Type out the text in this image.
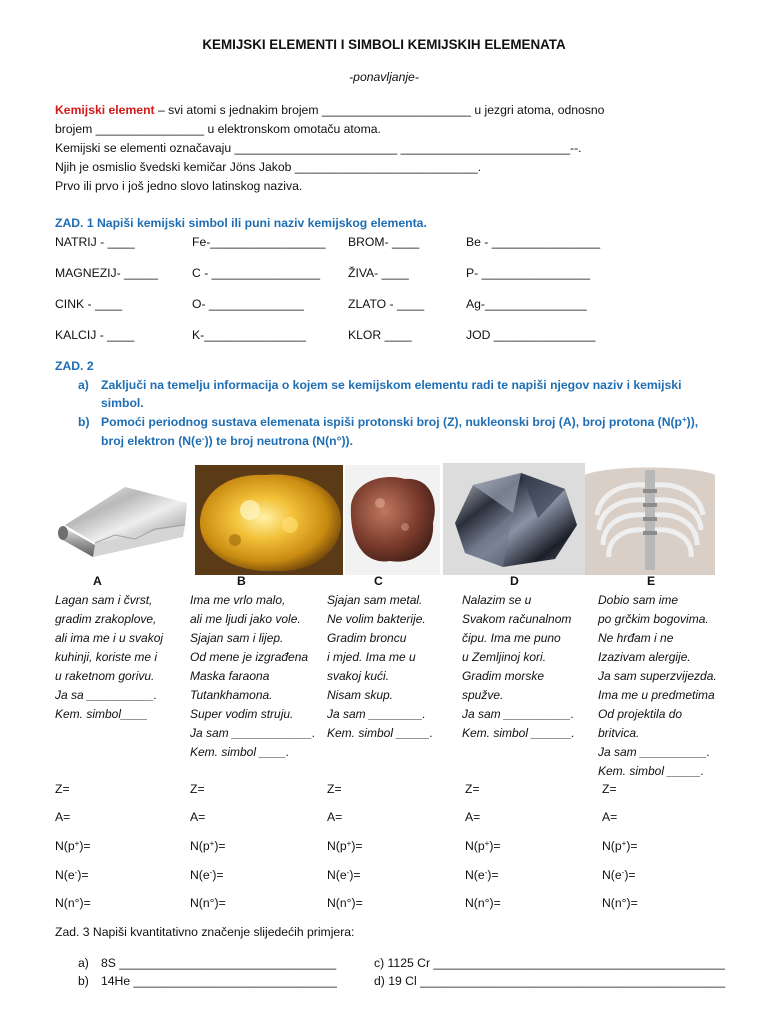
KEMIJSKI ELEMENTI I SIMBOLI KEMIJSKIH ELEMENATA
-ponavljanje-
Kemijski element – svi atomi s jednakim brojem ______________________ u jezgri atoma, odnosno
brojem ________________ u elektronskom omotaču atoma.
Kemijski se elementi označavaju ________________________ _________________________--.
Njih je osmislio švedski kemičar Jöns Jakob ___________________________.
Prvo ili prvo i još jedno slovo latinskog naziva.
ZAD. 1 Napiši kemijski simbol ili puni naziv kemijskog elementa.
NATRIJ - ____	Fe-_________________ BROM- ____	Be - ________________
MAGNEZIJ- _____	C - ________________ ŽIVA- ____	P- ________________
CINK - ____	O- ______________	ZLATO - ____	Ag-_______________
KALCIJ - ____	K-_______________	KLOR ____	JOD _______________
ZAD. 2
a) Zaključi na temelju informacija o kojem se kemijskom elementu radi te napiši njegov naziv i kemijski
simbol.
b) Pomoći periodnog sustava elemenata ispiši protonski broj (Z), nukleonski broj (A), broj protona (N(p+)),
broj elektron (N(e-)) te broj neutrona (N(n°)).
A
Lagan sam i čvrst,
gradim zrakoplove,
ali ima me i u svakoj
kuhinji, koriste me i
u raketnom gorivu.
Ja sa __________.
Kem. simbol____
B
Ima me vrlo malo,
ali me ljudi jako vole.
Sjajan sam i lijep.
Od mene je izgrađena
Maska faraona
Tutankhamona.
Super vodim struju.
Ja sam ____________.
Kem. simbol ____.
C
Sjajan sam metal.
Ne volim bakterije.
Gradim broncu
i mjed. Ima me u
svakoj kući.
Nisam skup.
Ja sam ________.
Kem. simbol _____.
D
Nalazim se u
Svakom računalnom
čipu. Ima me puno
u Zemljinoj kori.
Gradim morske
spužve.
Ja sam __________.
Kem. simbol ______.
E
Dobio sam ime
po grčkim bogovima.
Ne hrđam i ne
Izazivam alergije.
Ja sam superzvijezda.
Ima me u predmetima
Od projektila do
britvica.
Ja sam __________.
Kem. simbol _____.
Z=
A=
N(p+)=
N(e-)=
N(n°)=
Z=
A=
N(p+)=
N(e-)=
N(n°)=
Z=
A=
N(p+)=
N(e-)=
N(n°)=
Z=
A=
N(p+)=
N(e-)=
N(n°)=
Z=
A=
N(p+)=
N(e-)=
N(n°)=
Zad. 3 Napiši kvantitativno značenje slijedećih primjera:
a) 8S ________________________________	c) 1125 Cr ___________________________________________
b) 14He ______________________________	d) 19 Cl _____________________________________________
